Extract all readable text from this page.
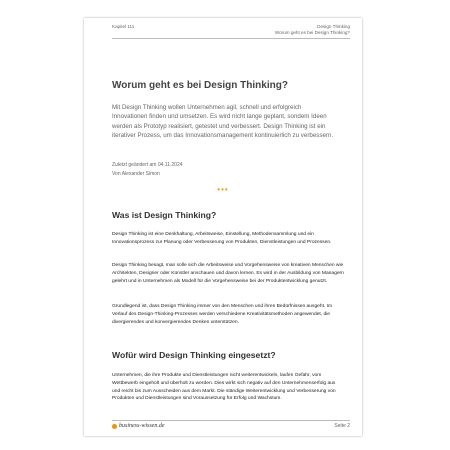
Kapitel 111	Design Thinking
Worum geht es bei Design Thinking?
Worum geht es bei Design Thinking?
Mit Design Thinking wollen Unternehmen agil, schnell und erfolgreich Innovationen finden und umsetzen. Es wird nicht lange geplant, sondem Ideen werden als Prototyp realisiert, getestet und verbessert. Design Thinking ist ein iterativer Prozess, um das Innovationsmanagement kontinuierlich zu verbessern.
Zuletzt geändert am 04.11.2024
Von Alexander Simon
•••
Was ist Design Thinking?
Design Thinking ist eine Denkhaltung, Arbeitsweise, Einstellung, Methodensammlung und ein Innovationsprozess zur Planung oder Verbesserung von Produkten, Dienstleistungen und Prozessen.
Design Thinking besagt, man solle sich die Arbeitsweise und Vorgehensweise von kreativen Menschen wie Architekten, Designer oder Künstler anschauen und davon lernen. Es wird in der Ausbildung von Managern gelehrt und in Unternehmen als Modell für die Vorgehensweise bei der Produktentwicklung genutzt.
Grundlegend ist, dass Design Thinking immer von den Menschen und ihren Bedürfnissen ausgeht. Im Verlauf des Design-Thinking-Prozesses werden verschiedene Kreativitätsmethoden angewendet, die divergierendes und konvergierendes Denken unterstützen.
Wofür wird Design Thinking eingesetzt?
Unternehmen, die ihre Produkte und Dienstleistungen nicht weiterentwickeln, laufen Gefahr, vom Wettbewerb eingeholt und überholt zu werden. Dies wirkt sich negativ auf den Unternehmenserfolg aus und reicht bis zum Ausscheiden aus dem Markt. Die ständige Weiterentwicklung und Verbesserung von Produkten und Dienstleistungen sind Voraussetzung für Erfolg und Wachstum.
business-wissen.de	Seite 2
